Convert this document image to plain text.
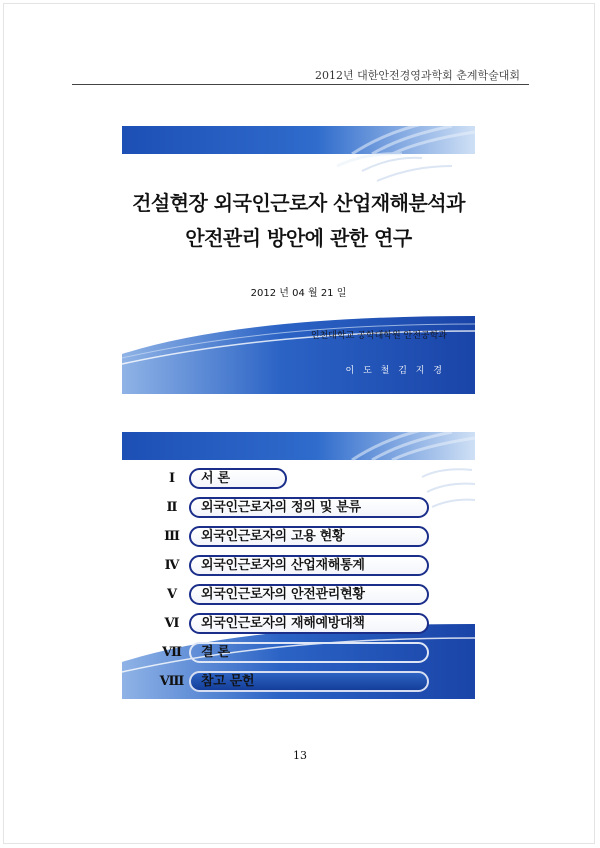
2012년 대한안전경영과학회 춘계학술대회
건설현장 외국인근로자 산업재해분석과
안전관리 방안에 관한 연구
2012 년 04 월 21 일
인천대학교 공학대학원 안전공학과
이 도 철 김 지 경
Ⅰ	서 론
Ⅱ	외국인근로자의 정의 및 분류
Ⅲ	외국인근로자의 고용 현황
Ⅳ	외국인근로자의 산업재해통계
Ⅴ	외국인근로자의 안전관리현황
Ⅵ	외국인근로자의 재해예방대책
Ⅶ	결 론
Ⅷ	참고 문헌
13
